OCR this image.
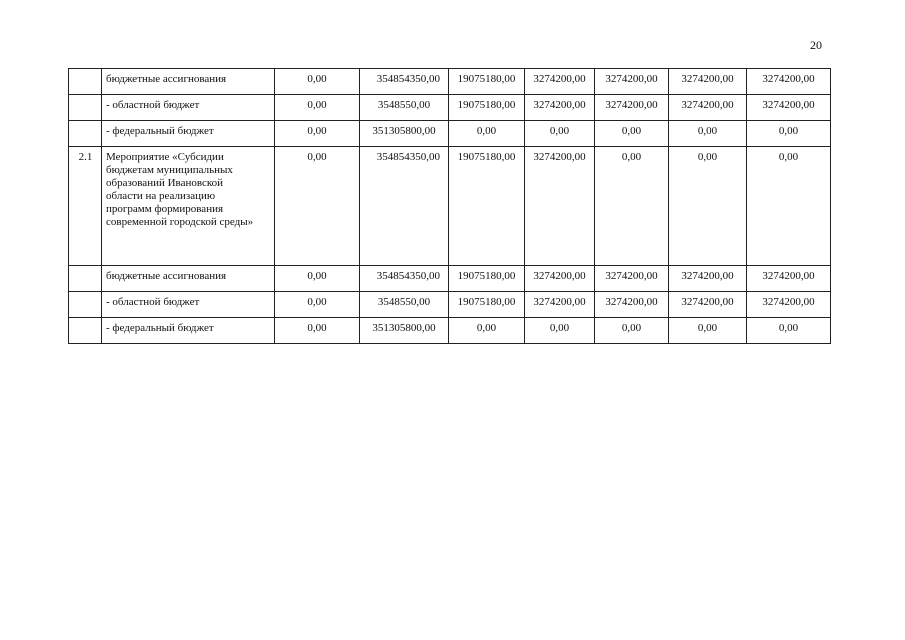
20
	бюджетные ассигнования	0,00	354854350,00	19075180,00	3274200,00	3274200,00	3274200,00	3274200,00
	- областной бюджет	0,00	3548550,00	19075180,00	3274200,00	3274200,00	3274200,00	3274200,00
	- федеральный бюджет	0,00	351305800,00	0,00	0,00	0,00	0,00	0,00
2.1	Мероприятие «Субсидии бюджетам муниципальных образований Ивановской области на реализацию программ формирования современной городской среды»	0,00	354854350,00	19075180,00	3274200,00	0,00	0,00	0,00
	бюджетные ассигнования	0,00	354854350,00	19075180,00	3274200,00	3274200,00	3274200,00	3274200,00
	- областной бюджет	0,00	3548550,00	19075180,00	3274200,00	3274200,00	3274200,00	3274200,00
	- федеральный бюджет	0,00	351305800,00	0,00	0,00	0,00	0,00	0,00
